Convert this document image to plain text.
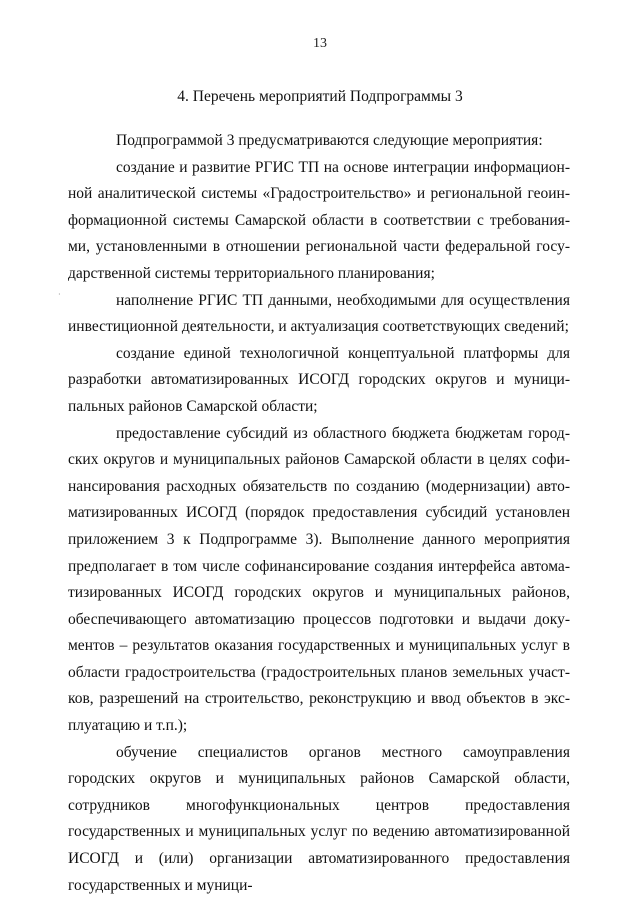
13
4. Перечень мероприятий Подпрограммы 3
·

Подпрограммой 3 предусматриваются следующие мероприятия:

создание и развитие РГИС ТП на основе интеграции информационной аналитической системы «Градостроительство» и региональной геоинформационной системы Самарской области в соответствии с требованиями, установленными в отношении региональной части федеральной государственной системы территориального планирования;

наполнение РГИС ТП данными, необходимыми для осуществления инвестиционной деятельности, и актуализация соответствующих сведений;

создание единой технологичной концептуальной платформы для разработки автоматизированных ИСОГД городских округов и муниципальных районов Самарской области;

предоставление субсидий из областного бюджета бюджетам городских округов и муниципальных районов Самарской области в целях софинансирования расходных обязательств по созданию (модернизации) автоматизированных ИСОГД (порядок предоставления субсидий установлен приложением 3 к Подпрограмме 3). Выполнение данного мероприятия предполагает в том числе софинансирование создания интерфейса автоматизированных ИСОГД городских округов и муниципальных районов, обеспечивающего автоматизацию процессов подготовки и выдачи документов – результатов оказания государственных и муниципальных услуг в области градостроительства (градостроительных планов земельных участков, разрешений на строительство, реконструкцию и ввод объектов в эксплуатацию и т.п.);

обучение специалистов органов местного самоуправления городских округов и муниципальных районов Самарской области, сотрудников многофункциональных центров предоставления государственных и муниципальных услуг по ведению автоматизированной ИСОГД и (или) организации автоматизированного предоставления государственных и муници-
